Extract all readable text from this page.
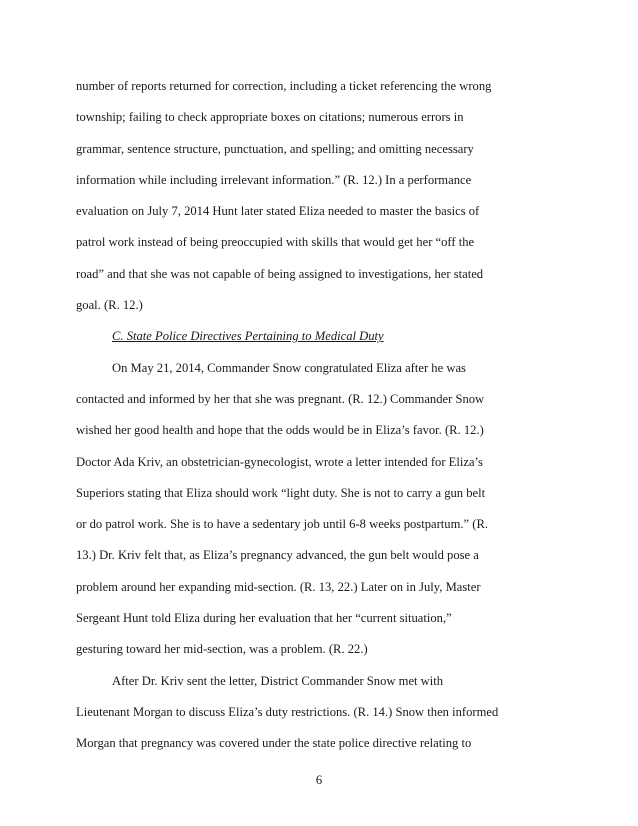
number of reports returned for correction, including a ticket referencing the wrong
township; failing to check appropriate boxes on citations; numerous errors in
grammar, sentence structure, punctuation, and spelling; and omitting necessary
information while including irrelevant information.” (R. 12.) In a performance
evaluation on July 7, 2014 Hunt later stated Eliza needed to master the basics of
patrol work instead of being preoccupied with skills that would get her “off the
road” and that she was not capable of being assigned to investigations, her stated
goal. (R. 12.)
C. State Police Directives Pertaining to Medical Duty
On May 21, 2014, Commander Snow congratulated Eliza after he was
contacted and informed by her that she was pregnant. (R. 12.) Commander Snow
wished her good health and hope that the odds would be in Eliza’s favor. (R. 12.)
Doctor Ada Kriv, an obstetrician-gynecologist, wrote a letter intended for Eliza’s
Superiors stating that Eliza should work “light duty. She is not to carry a gun belt
or do patrol work. She is to have a sedentary job until 6-8 weeks postpartum.” (R.
13.) Dr. Kriv felt that, as Eliza’s pregnancy advanced, the gun belt would pose a
problem around her expanding mid-section. (R. 13, 22.) Later on in July, Master
Sergeant Hunt told Eliza during her evaluation that her “current situation,”
gesturing toward her mid-section, was a problem. (R. 22.)
After Dr. Kriv sent the letter, District Commander Snow met with
Lieutenant Morgan to discuss Eliza’s duty restrictions. (R. 14.) Snow then informed
Morgan that pregnancy was covered under the state police directive relating to
6
